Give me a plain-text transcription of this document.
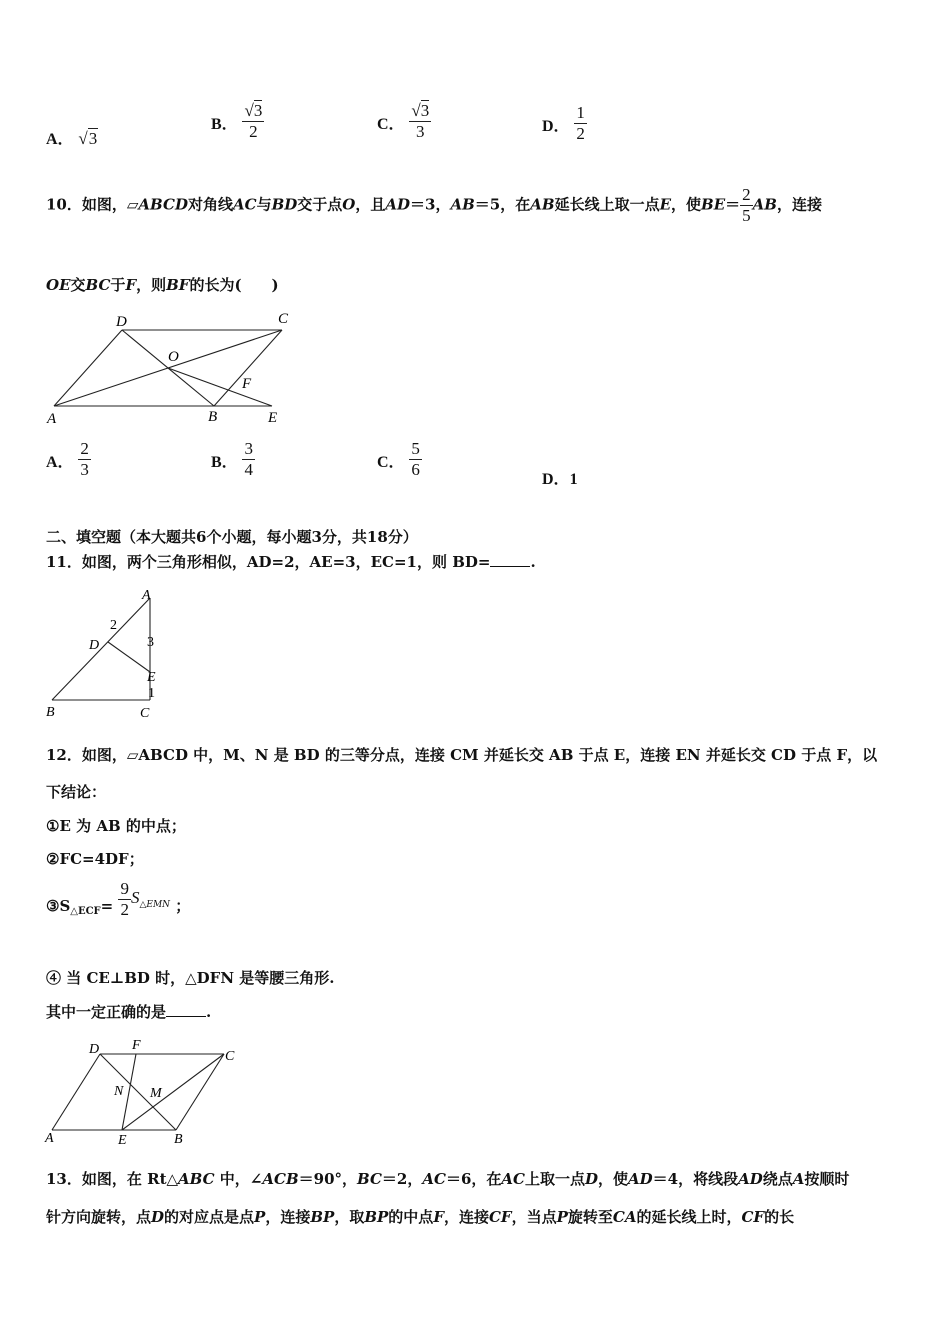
A． √3
B． $\frac{√3}{2}$	C． $\frac{√3}{3}$	D． $\frac{1}{2}$
10．如图，▱ABCD对角线AC与BD交于点O，且AD＝3，AB＝5，在AB延长线上取一点E，使$BE= \frac{2}{5}$ AB，连接
OE交BC于F，则BF的长为(　　)
D	C
O
F
A	B	E
A． $\frac{2}{3}$	B． $\frac{3}{4}$	C． $\frac{5}{6}$
D．1
二、填空题（本大题共6个小题，每小题3分，共18分）
11．如图，两个三角形相似，AD=2，AE=3，EC=1，则 BD=	.
A
2
D	3
E
1
B	C
12．如图，▱ABCD 中，M、N 是 BD 的三等分点，连接 CM 并延长交 AB 于点 E，连接 EN 并延长交 CD 于点 F，以
下结论：
①E 为 AB 的中点；
②FC=4DF；
$③S_{\triangle ECF}= \frac{9}{2} S_{\triangle EMN}$ ；
④ 当 CE⊥BD 时，△DFN 是等腰三角形.
其中一定正确的是	.
D F
C
N M
A	E	B
13．如图，在 Rt△ABC 中，∠ACB＝90°，BC＝2，AC＝6，在AC上取一点D，使AD＝4，将线段AD绕点A按顺时
针方向旋转，点D的对应点是点P，连接BP，取BP的中点F，连接CF，当点P旋转至CA的延长线上时，CF的长
